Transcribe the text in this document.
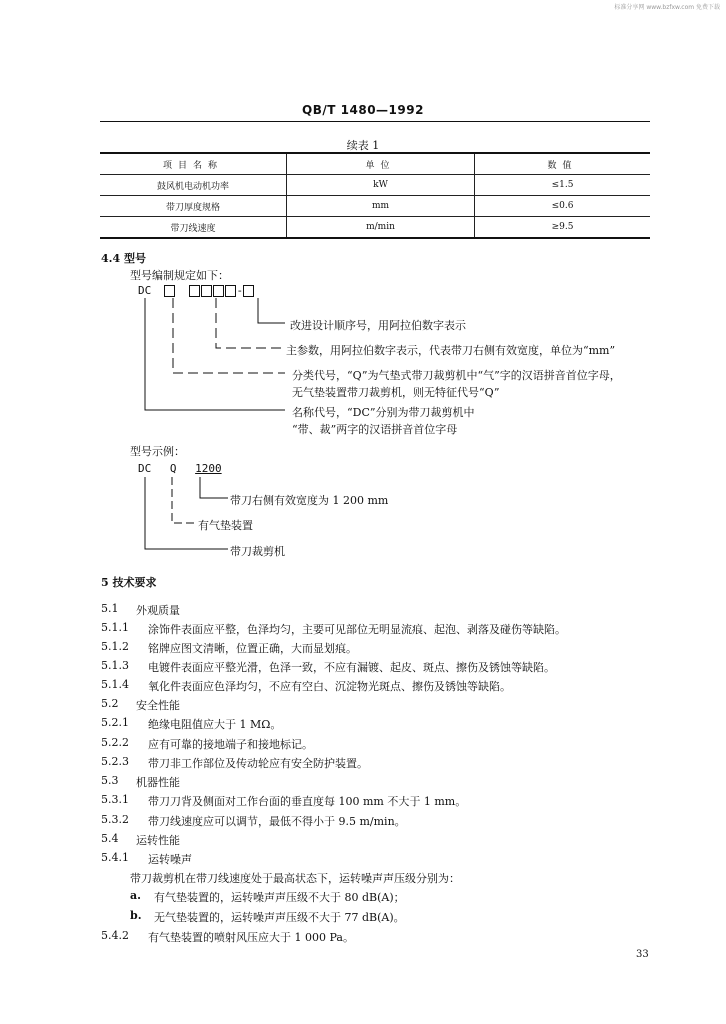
标准分享网 www.bzfxw.com 免费下载
QB/T 1480—1992
续表 1
项目名称	单位	数值
鼓风机电动机功率	kW	≤1.5
带刀厚度规格	mm	≤0.6
带刀线速度	m/min	≥9.5
4.4 型号
型号编制规定如下：
DC	-
改进设计顺序号，用阿拉伯数字表示
主参数，用阿拉伯数字表示，代表带刀右侧有效宽度，单位为“mm”
分类代号，“Q”为气垫式带刀裁剪机中“气”字的汉语拼音首位字母，
无气垫装置带刀裁剪机，则无特征代号“Q”
名称代号，“DC”分别为带刀裁剪机中
“带、裁”两字的汉语拼音首位字母
型号示例：
DC Q 1200
带刀右侧有效宽度为 1 200 mm
有气垫装置
带刀裁剪机
5 技术要求
5.1 外观质量
5.1.1 涂饰件表面应平整，色泽均匀，主要可见部位无明显流痕、起泡、剥落及碰伤等缺陷。
5.1.2 铭牌应图文清晰，位置正确，大而显划痕。
5.1.3 电镀件表面应平整光滑，色泽一致，不应有漏镀、起皮、斑点、擦伤及锈蚀等缺陷。
5.1.4 氧化件表面应色泽均匀，不应有空白、沉淀物光斑点、擦伤及锈蚀等缺陷。
5.2 安全性能
5.2.1 绝缘电阻值应大于 1 MΩ。
5.2.2 应有可靠的接地端子和接地标记。
5.2.3 带刀非工作部位及传动轮应有安全防护装置。
5.3 机器性能
5.3.1 带刀刀背及侧面对工作台面的垂直度每 100 mm 不大于 1 mm。
5.3.2 带刀线速度应可以调节，最低不得小于 9.5 m/min。
5.4 运转性能
5.4.1 运转噪声
带刀裁剪机在带刀线速度处于最高状态下，运转噪声声压级分别为：
a. 有气垫装置的，运转噪声声压级不大于 80 dB(A)；
b. 无气垫装置的，运转噪声声压级不大于 77 dB(A)。
5.4.2 有气垫装置的喷射风压应大于 1 000 Pa。
33
